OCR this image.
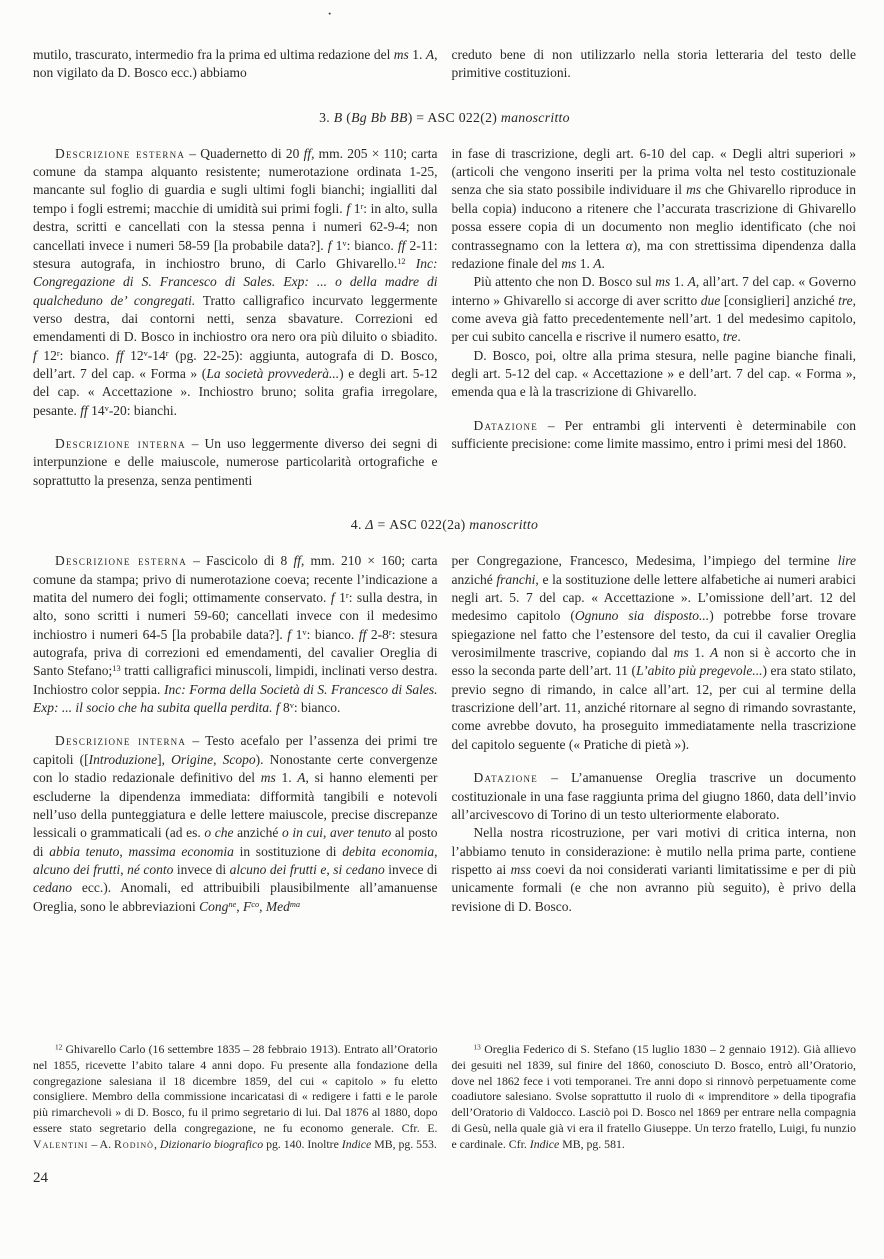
·

mutilo, trascurato, intermedio fra la prima ed ultima redazione del ms 1. A, non vigilato da D. Bosco ecc.) abbiamo

creduto bene di non utilizzarlo nella storia letteraria del testo delle primitive costituzioni.

3. B (Bg Bb BB) = ASC 022(2) manoscritto

Descrizione esterna – Quadernetto di 20 ff, mm. 205 × 110; carta comune da stampa alquanto resistente; numerotazione ordinata 1-25, mancante sul foglio di guardia e sugli ultimi fogli bianchi; ingialliti dal tempo i fogli estremi; macchie di umidità sui primi fogli. f 1$^r$: in alto, sulla destra, scritti e cancellati con la stessa penna i numeri 62-9-4; non cancellati invece i numeri 58-59 [la probabile data?]. f 1$^v$: bianco. ff 2-11: stesura autografa, in inchiostro bruno, di Carlo Ghivarello.$^{12}$ Inc: Congregazione di S. Francesco di Sales. Exp: ... o della madre di qualcheduno de’ congregati. Tratto calligrafico incurvato leggermente verso destra, dai contorni netti, senza sbavature. Correzioni ed emendamenti di D. Bosco in inchiostro ora nero ora più diluito o sbiadito. f 12$^r$: bianco. ff 12$^v$-14$^r$ (pg. 22-25): aggiunta, autografa di D. Bosco, dell’art. 7 del cap. « Forma » (La società provvederà...) e degli art. 5-12 del cap. « Accettazione ». Inchiostro bruno; solita grafia irregolare, pesante. ff 14$^v$-20: bianchi.

Descrizione interna – Un uso leggermente diverso dei segni di interpunzione e delle maiuscole, numerose particolarità ortografiche e soprattutto la presenza, senza pentimenti

in fase di trascrizione, degli art. 6-10 del cap. « Degli altri superiori » (articoli che vengono inseriti per la prima volta nel testo costituzionale senza che sia stato possibile individuare il ms che Ghivarello riproduce in bella copia) inducono a ritenere che l’accurata trascrizione di Ghivarello possa essere copia di un documento non meglio identificato (che noi contrassegnamo con la lettera α), ma con strettissima dipendenza dalla redazione finale del ms 1. A.

Più attento che non D. Bosco sul ms 1. A, all’art. 7 del cap. « Governo interno » Ghivarello si accorge di aver scritto due [consiglieri] anziché tre, come aveva già fatto precedentemente nell’art. 1 del medesimo capitolo, per cui subito cancella e riscrive il numero esatto, tre.

D. Bosco, poi, oltre alla prima stesura, nelle pagine bianche finali, degli art. 5-12 del cap. « Accettazione » e dell’art. 7 del cap. « Forma », emenda qua e là la trascrizione di Ghivarello.

Datazione – Per entrambi gli interventi è determinabile con sufficiente precisione: come limite massimo, entro i primi mesi del 1860.

4. Δ = ASC 022(2a) manoscritto

Descrizione esterna – Fascicolo di 8 ff, mm. 210 × 160; carta comune da stampa; privo di numerotazione coeva; recente l’indicazione a matita del numero dei fogli; ottimamente conservato. f 1$^r$: sulla destra, in alto, sono scritti i numeri 59-60; cancellati invece con il medesimo inchiostro i numeri 64-5 [la probabile data?]. f 1$^v$: bianco. ff 2-8$^r$: stesura autografa, priva di correzioni ed emendamenti, del cavalier Oreglia di Santo Stefano;$^{13}$ tratti calligrafici minuscoli, limpidi, inclinati verso destra. Inchiostro color seppia. Inc: Forma della Società di S. Francesco di Sales. Exp: ... il socio che ha subita quella perdita. f 8$^v$: bianco.

Descrizione interna – Testo acefalo per l’assenza dei primi tre capitoli ([Introduzione], Origine, Scopo). Nonostante certe convergenze con lo stadio redazionale definitivo del ms 1. A, si hanno elementi per escluderne la dipendenza immediata: difformità tangibili e notevoli nell’uso della punteggiatura e delle lettere maiuscole, precise discrepanze lessicali o grammaticali (ad es. o che anziché o in cui, aver tenuto al posto di abbia tenuto, massima economia in sostituzione di debita economia, alcuno dei frutti, né conto invece di alcuno dei frutti e, si cedano invece di cedano ecc.). Anomali, ed attribuibili plausibilmente all’amanuense Oreglia, sono le abbreviazioni Cong$^{ne}$, $F^{co}$, Med$^{ma}$

per Congregazione, Francesco, Medesima, l’impiego del termine lire anziché franchi, e la sostituzione delle lettere alfabetiche ai numeri arabici negli art. 5. 7 del cap. « Accettazione ». L’omissione dell’art. 12 del medesimo capitolo (Ognuno sia disposto...) potrebbe forse trovare spiegazione nel fatto che l’estensore del testo, da cui il cavalier Oreglia verosimilmente trascrive, copiando dal ms 1. A non si è accorto che in esso la seconda parte dell’art. 11 (L’abito più pregevole...) era stato stilato, previo segno di rimando, in calce all’art. 12, per cui al termine della trascrizione dell’art. 11, anziché ritornare al segno di rimando sovrastante, come avrebbe dovuto, ha proseguito immediatamente nella trascrizione del capitolo seguente (« Pratiche di pietà »).

Datazione – L’amanuense Oreglia trascrive un documento costituzionale in una fase raggiunta prima del giugno 1860, data dell’invio all’arcivescovo di Torino di un testo ulteriormente elaborato.

Nella nostra ricostruzione, per vari motivi di critica interna, non l’abbiamo tenuto in considerazione: è mutilo nella prima parte, contiene rispetto ai mss coevi da noi considerati varianti limitatissime e per di più unicamente formali (e che non avranno più seguito), è privo della revisione di D. Bosco.

$^{12}$ Ghivarello Carlo (16 settembre 1835 – 28 febbraio 1913). Entrato all’Oratorio nel 1855, ricevette l’abito talare 4 anni dopo. Fu presente alla fondazione della congregazione salesiana il 18 dicembre 1859, del cui « capitolo » fu eletto consigliere. Membro della commissione incaricatasi di « redigere i fatti e le parole più rimarchevoli » di D. Bosco, fu il primo segretario di lui. Dal 1876 al 1880, dopo essere stato segretario della congregazione, ne fu economo generale. Cfr. E. Valentini – A. Rodinò, Dizionario biografico pg. 140. Inoltre Indice MB, pg. 553.

$^{13}$ Oreglia Federico di S. Stefano (15 luglio 1830 – 2 gennaio 1912). Già allievo dei gesuiti nel 1839, sul finire del 1860, conosciuto D. Bosco, entrò all’Oratorio, dove nel 1862 fece i voti temporanei. Tre anni dopo si rinnovò perpetuamente come coadiutore salesiano. Svolse soprattutto il ruolo di « imprenditore » della tipografia dell’Oratorio di Valdocco. Lasciò poi D. Bosco nel 1869 per entrare nella compagnia di Gesù, nella quale già vi era il fratello Giuseppe. Un terzo fratello, Luigi, fu nunzio e cardinale. Cfr. Indice MB, pg. 581.

24
